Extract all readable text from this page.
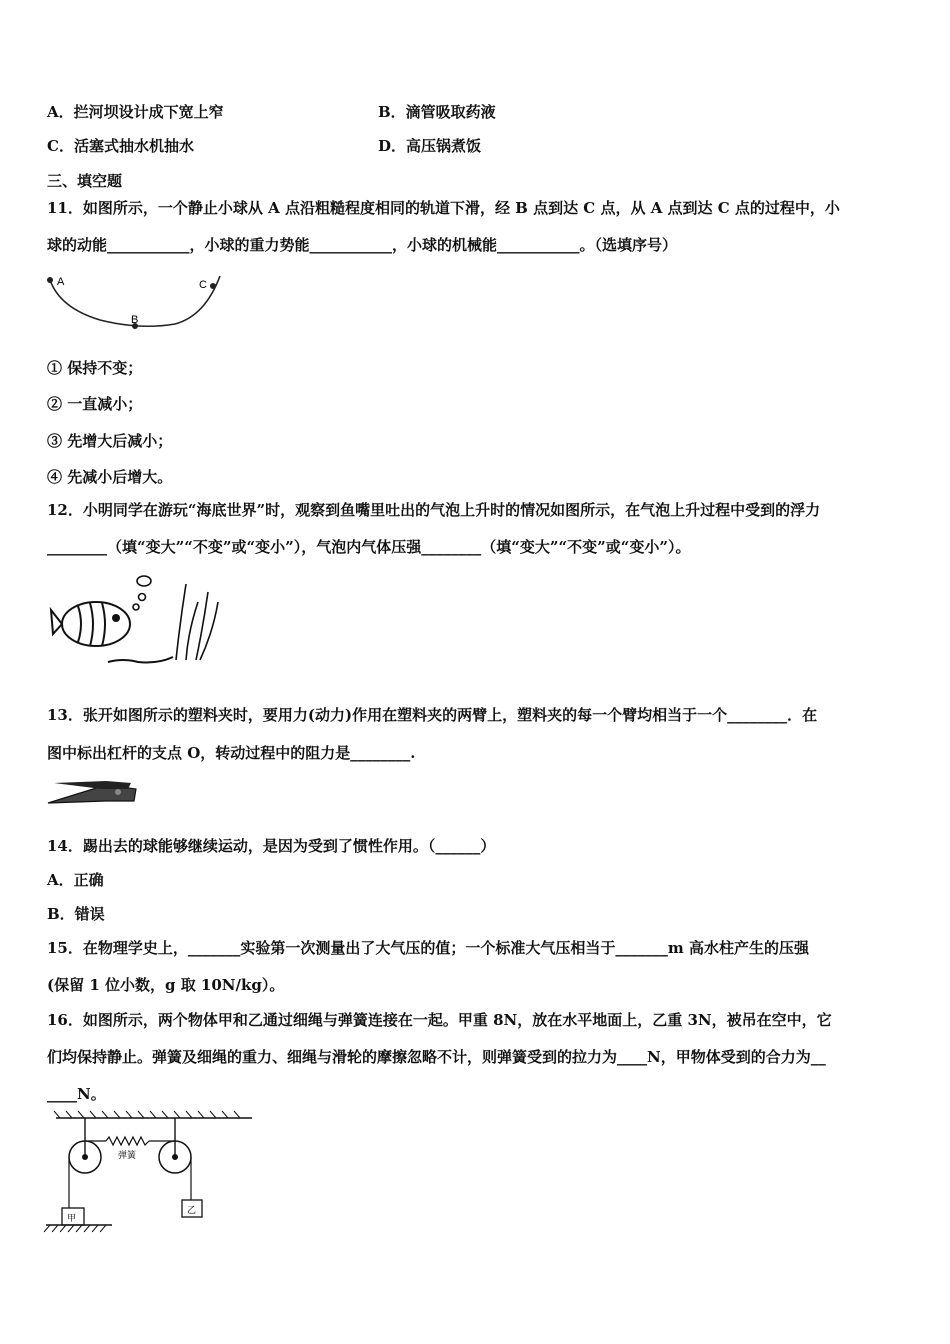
A．拦河坝设计成下宽上窄	B．滴管吸取药液
C．活塞式抽水机抽水	D．高压锅煮饭
三、填空题
11．如图所示，一个静止小球从 A 点沿粗糙程度相同的轨道下滑，经 B 点到达 C 点，从 A 点到达 C 点的过程中，小
球的动能___________，小球的重力势能___________，小球的机械能___________。（选填序号）
A
B
C
① 保持不变；
② 一直减小；
③ 先增大后减小；
④ 先减小后增大。
12．小明同学在游玩“海底世界”时，观察到鱼嘴里吐出的气泡上升时的情况如图所示，在气泡上升过程中受到的浮力
________（填“变大”“不变”或“变小”），气泡内气体压强________（填“变大”“不变”或“变小”）。
13．张开如图所示的塑料夹时，要用力(动力)作用在塑料夹的两臂上，塑料夹的每一个臂均相当于一个________．在
图中标出杠杆的支点 O，转动过程中的阻力是________.
14．踢出去的球能够继续运动，是因为受到了惯性作用。（______）
A．正确
B．错误
15．在物理学史上，_______实验第一次测量出了大气压的值；一个标准大气压相当于_______m 高水柱产生的压强
(保留 1 位小数，g 取 10N/kg）。
16．如图所示，两个物体甲和乙通过细绳与弹簧连接在一起。甲重 8N，放在水平地面上，乙重 3N，被吊在空中，它
们均保持静止。弹簧及细绳的重力、细绳与滑轮的摩擦忽略不计，则弹簧受到的拉力为____N，甲物体受到的合力为__
____N。
弹簧
甲
乙
